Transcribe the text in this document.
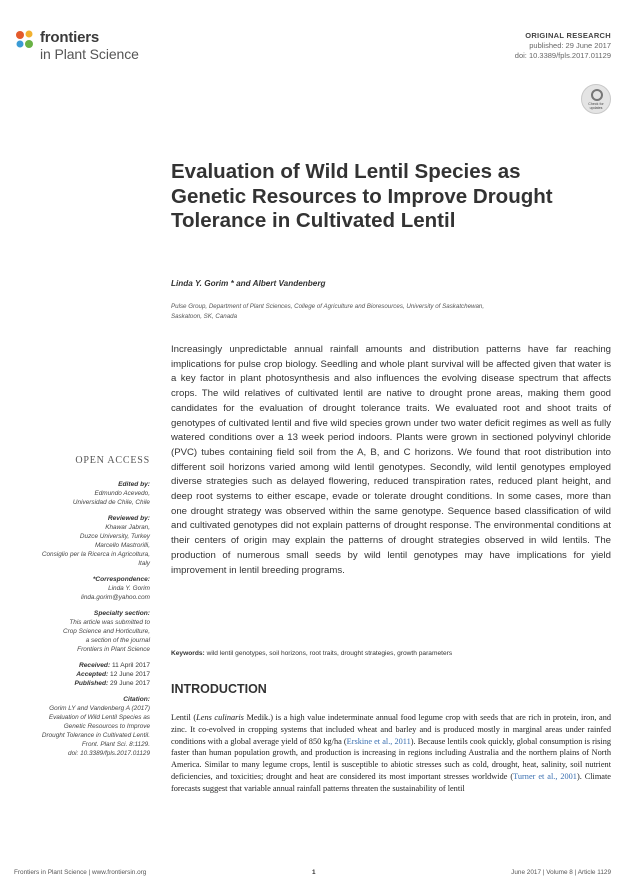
frontiers
in Plant Science
ORIGINAL RESEARCH
published: 29 June 2017
doi: 10.3389/fpls.2017.01129
Check for
updates
Evaluation of Wild Lentil Species as Genetic Resources to Improve Drought Tolerance in Cultivated Lentil
Linda Y. Gorim * and Albert Vandenberg
Pulse Group, Department of Plant Sciences, College of Agriculture and Bioresources, University of Saskatchewan,
Saskatoon, SK, Canada

Increasingly unpredictable annual rainfall amounts and distribution patterns have far reaching implications for pulse crop biology. Seedling and whole plant survival will be affected given that water is a key factor in plant photosynthesis and also influences the evolving disease spectrum that affects crops. The wild relatives of cultivated lentil are native to drought prone areas, making them good candidates for the evaluation of drought tolerance traits. We evaluated root and shoot traits of genotypes of cultivated lentil and five wild species grown under two water deficit regimes as well as fully watered conditions over a 13 week period indoors. Plants were grown in sectioned polyvinyl chloride (PVC) tubes containing field soil from the A, B, and C horizons. We found that root distribution into different soil horizons varied among wild lentil genotypes. Secondly, wild lentil genotypes employed diverse strategies such as delayed flowering, reduced transpiration rates, reduced plant height, and deep root systems to either escape, evade or tolerate drought conditions. In some cases, more than one drought strategy was observed within the same genotype. Sequence based classification of wild and cultivated genotypes did not explain patterns of drought response. The environmental conditions at their centers of origin may explain the patterns of drought strategies observed in wild lentils. The production of numerous small seeds by wild lentil genotypes may have implications for yield improvement in lentil breeding programs.

Keywords: wild lentil genotypes, soil horizons, root traits, drought strategies, growth parameters
INTRODUCTION

Lentil (Lens culinaris Medik.) is a high value indeterminate annual food legume crop with seeds that are rich in protein, iron, and zinc. It co-evolved in cropping systems that included wheat and barley and is produced mostly in marginal areas under rainfed conditions with a global average yield of 850 kg/ha (Erskine et al., 2011). Because lentils cook quickly, global consumption is rising faster than human population growth, and production is increasing in regions including Australia and the northern plains of North America. Similar to many legume crops, lentil is susceptible to abiotic stresses such as cold, drought, heat, salinity, soil nutrient deficiencies, and toxicities; drought and heat are considered its most important stresses worldwide (Turner et al., 2001). Climate forecasts suggest that variable annual rainfall patterns threaten the sustainability of lentil

OPEN ACCESS
Edited by:
Edmundo Acevedo,
Universidad de Chile, Chile
Reviewed by:
Khawar Jabran,
Duzce University, Turkey
Marcello Mastrorilli,
Consiglio per la Ricerca in Agricoltura,
Italy
*Correspondence:
Linda Y. Gorim
linda.gorim@yahoo.com
Specialty section:
This article was submitted to
Crop Science and Horticulture,
a section of the journal
Frontiers in Plant Science
Received: 11 April 2017
Accepted: 12 June 2017
Published: 29 June 2017
Citation:
Gorim LY and Vandenberg A (2017)
Evaluation of Wild Lentil Species as
Genetic Resources to Improve
Drought Tolerance in Cultivated Lentil.
Front. Plant Sci. 8:1129.
doi: 10.3389/fpls.2017.01129
Frontiers in Plant Science | www.frontiersin.org	1	June 2017 | Volume 8 | Article 1129
